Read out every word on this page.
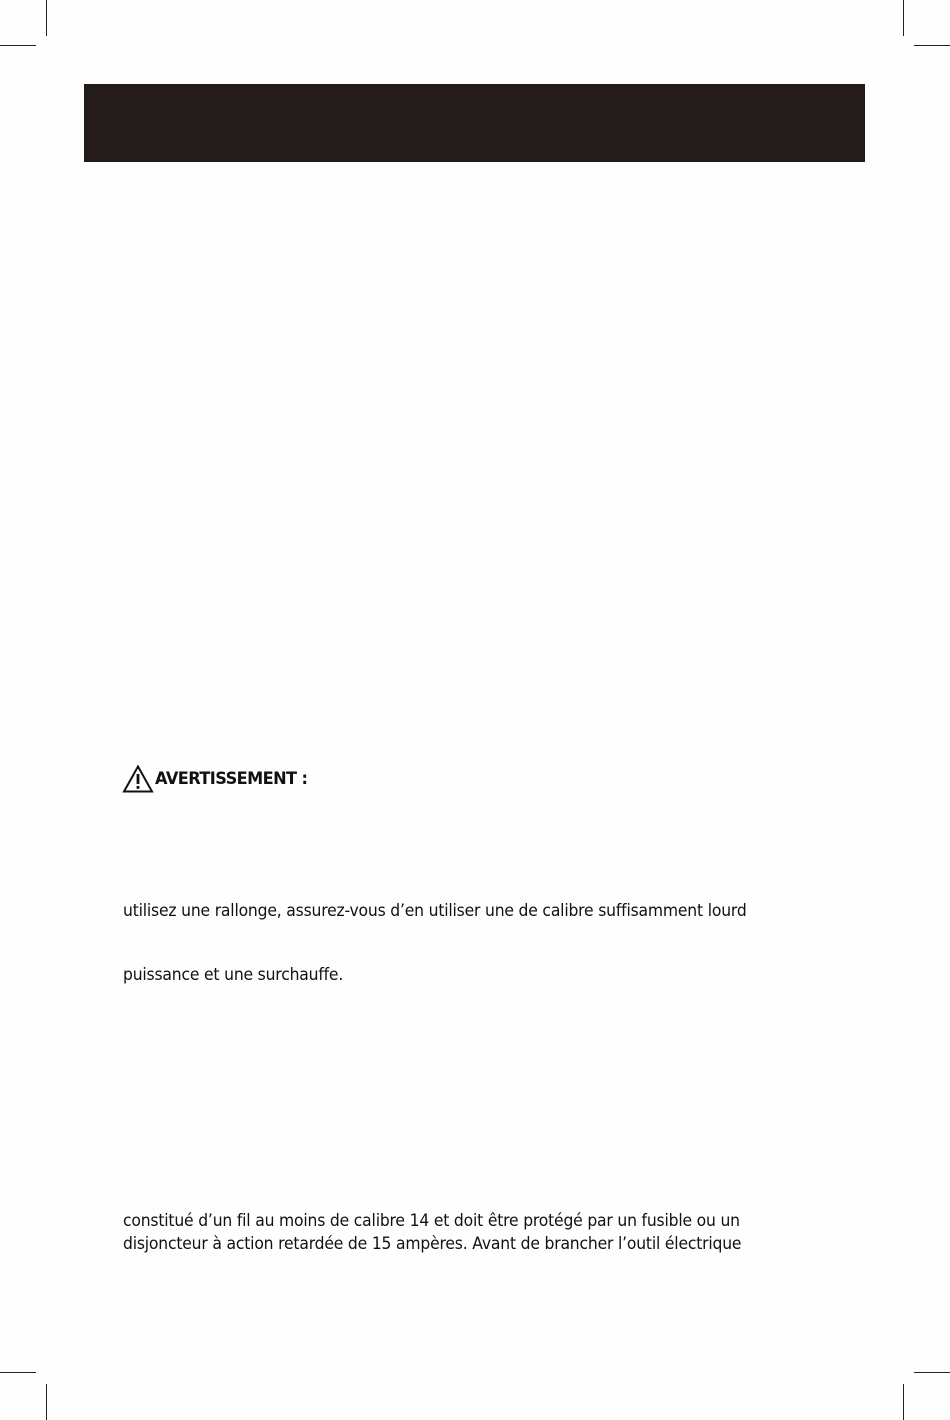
AVERTISSEMENT :
utilisez une rallonge, assurez-vous d’en utiliser une de calibre suffisamment lourd
puissance et une surchauffe.
constitué d’un fil au moins de calibre 14 et doit être protégé par un fusible ou un
disjoncteur à action retardée de 15 ampères. Avant de brancher l’outil électrique
